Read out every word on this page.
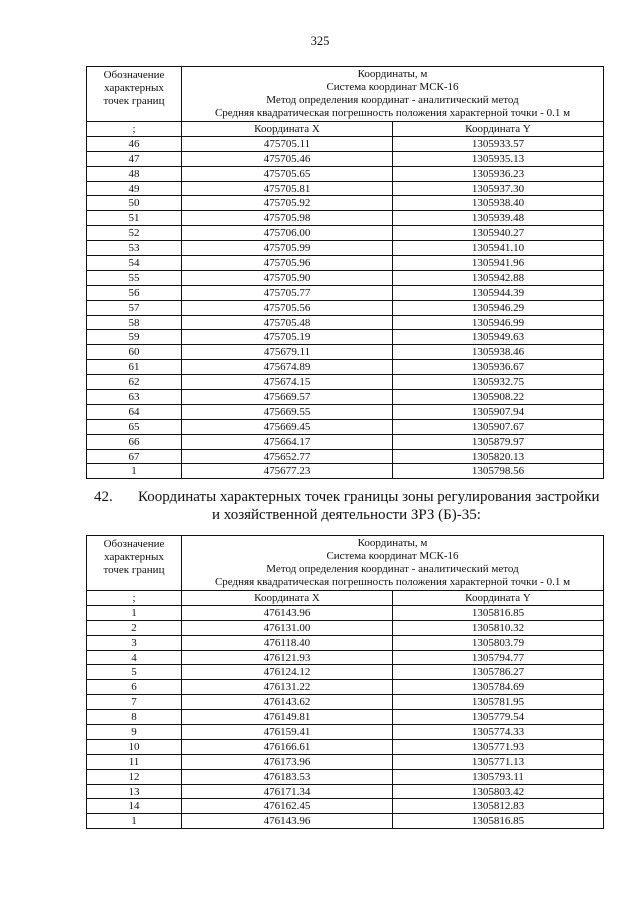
325
Обозначение характерных точек границ	Координаты, м
Система координат МСК-16
Метод определения координат - аналитический метод
Средняя квадратическая погрешность положения характерной точки - 0.1 м	

;	Координата X	Координата Y
46	475705.11	1305933.57
47	475705.46	1305935.13
48	475705.65	1305936.23
49	475705.81	1305937.30
50	475705.92	1305938.40
51	475705.98	1305939.48
52	475706.00	1305940.27
53	475705.99	1305941.10
54	475705.96	1305941.96
55	475705.90	1305942.88
56	475705.77	1305944.39
57	475705.56	1305946.29
58	475705.48	1305946.99
59	475705.19	1305949.63
60	475679.11	1305938.46
61	475674.89	1305936.67
62	475674.15	1305932.75
63	475669.57	1305908.22
64	475669.55	1305907.94
65	475669.45	1305907.67
66	475664.17	1305879.97
67	475652.77	1305820.13
1	475677.23	1305798.56
42. Координаты характерных точек границы зоны регулирования застройки
и хозяйственной деятельности ЗРЗ (Б)-35:
Обозначение характерных точек границ	Координаты, м
Система координат МСК-16
Метод определения координат - аналитический метод
Средняя квадратическая погрешность положения характерной точки - 0.1 м	

;	Координата X	Координата Y
1	476143.96	1305816.85
2	476131.00	1305810.32
3	476118.40	1305803.79
4	476121.93	1305794.77
5	476124.12	1305786.27
6	476131.22	1305784.69
7	476143.62	1305781.95
8	476149.81	1305779.54
9	476159.41	1305774.33
10	476166.61	1305771.93
11	476173.96	1305771.13
12	476183.53	1305793.11
13	476171.34	1305803.42
14	476162.45	1305812.83
1	476143.96	1305816.85
